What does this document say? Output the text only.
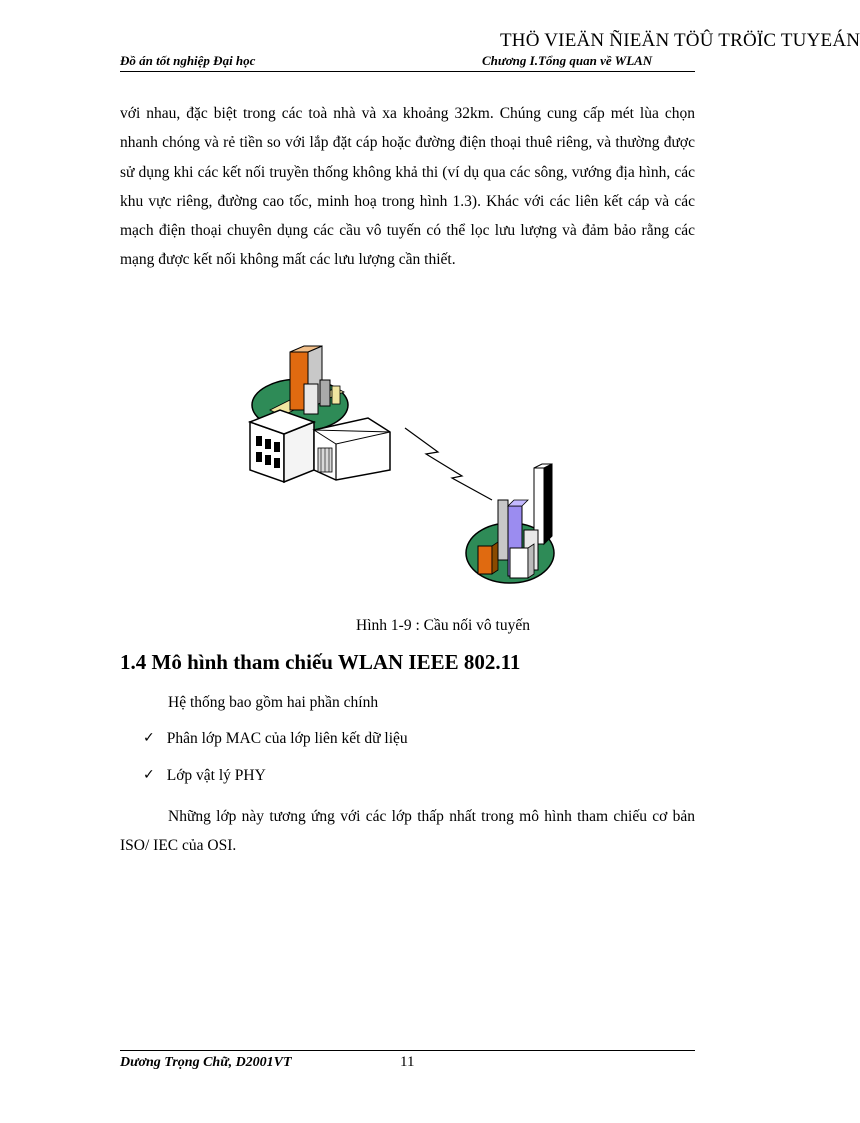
THÖ VIEÄN ÑIEÄN TÖÛ TRÖÏC TUYEÁN
Đồ án tốt nghiệp Đại học	Chương I.Tổng quan về WLAN

với nhau, đặc biệt trong các toà nhà và xa khoảng 32km. Chúng cung cấp mét lùa chọn nhanh chóng và rẻ tiền so với lắp đặt cáp hoặc đường điện thoại thuê riêng, và thường được sử dụng khi các kết nối truyền thống không khả thi (ví dụ qua các sông, vướng địa hình, các khu vực riêng, đường cao tốc, minh hoạ trong hình 1.3). Khác với các liên kết cáp và các mạch điện thoại chuyên dụng các cầu vô tuyến có thể lọc lưu lượng và đảm bảo rằng các mạng được kết nối không mất các lưu lượng cần thiết.

Hình 1-9 : Cầu nối vô tuyến
1.4 Mô hình tham chiếu WLAN IEEE 802.11
Hệ thống bao gồm hai phần chính
✓ Phân lớp MAC của lớp liên kết dữ liệu
✓ Lớp vật lý PHY

Những lớp này tương ứng với các lớp thấp nhất trong mô hình tham chiếu cơ bản ISO/ IEC của OSI.

Dương Trọng Chữ, D2001VT	11
